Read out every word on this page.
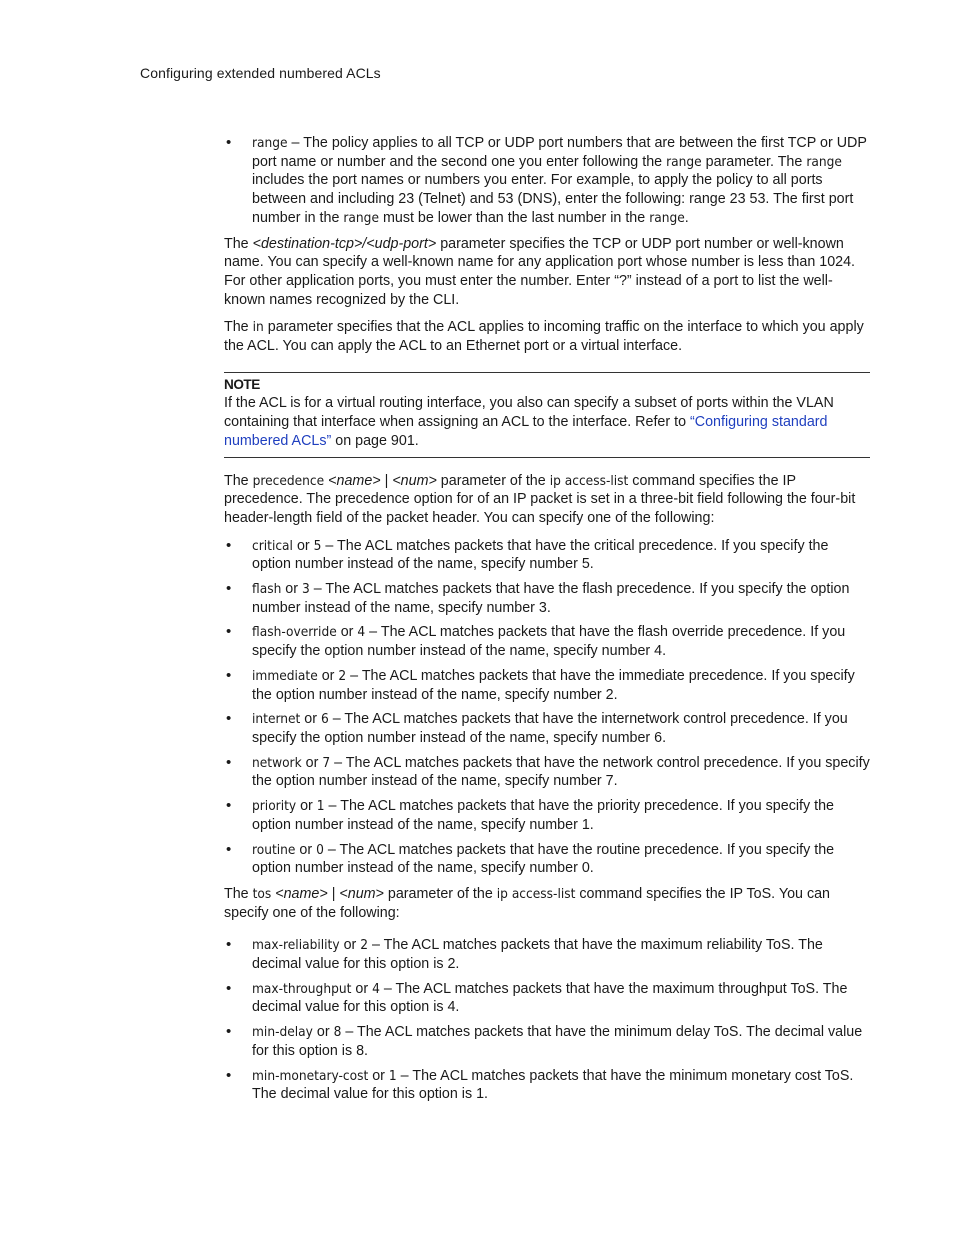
Configuring extended numbered ACLs
• range – The policy applies to all TCP or UDP port numbers that are between the first TCP or UDP port name or number and the second one you enter following the range parameter. The range includes the port names or numbers you enter. For example, to apply the policy to all ports between and including 23 (Telnet) and 53 (DNS), enter the following: range 23 53. The first port number in the range must be lower than the last number in the range.

The <destination-tcp>/<udp-port> parameter specifies the TCP or UDP port number or well-known name. You can specify a well-known name for any application port whose number is less than 1024. For other application ports, you must enter the number. Enter “?” instead of a port to list the well-known names recognized by the CLI.

The in parameter specifies that the ACL applies to incoming traffic on the interface to which you apply the ACL. You can apply the ACL to an Ethernet port or a virtual interface.

NOTE
If the ACL is for a virtual routing interface, you also can specify a subset of ports within the VLAN containing that interface when assigning an ACL to the interface. Refer to “Configuring standard numbered ACLs” on page 901.

The precedence <name> | <num> parameter of the ip access-list command specifies the IP precedence. The precedence option for of an IP packet is set in a three-bit field following the four-bit header-length field of the packet header. You can specify one of the following:

• critical or 5 – The ACL matches packets that have the critical precedence. If you specify the option number instead of the name, specify number 5.
• flash or 3 – The ACL matches packets that have the flash precedence. If you specify the option number instead of the name, specify number 3.
• flash-override or 4 – The ACL matches packets that have the flash override precedence. If you specify the option number instead of the name, specify number 4.
• immediate or 2 – The ACL matches packets that have the immediate precedence. If you specify the option number instead of the name, specify number 2.
• internet or 6 – The ACL matches packets that have the internetwork control precedence. If you specify the option number instead of the name, specify number 6.
• network or 7 – The ACL matches packets that have the network control precedence. If you specify the option number instead of the name, specify number 7.
• priority or 1 – The ACL matches packets that have the priority precedence. If you specify the option number instead of the name, specify number 1.
• routine or 0 – The ACL matches packets that have the routine precedence. If you specify the option number instead of the name, specify number 0.

The tos <name> | <num> parameter of the ip access-list command specifies the IP ToS. You can specify one of the following:

• max-reliability or 2 – The ACL matches packets that have the maximum reliability ToS. The decimal value for this option is 2.
• max-throughput or 4 – The ACL matches packets that have the maximum throughput ToS. The decimal value for this option is 4.
• min-delay or 8 – The ACL matches packets that have the minimum delay ToS. The decimal value for this option is 8.
• min-monetary-cost or 1 – The ACL matches packets that have the minimum monetary cost ToS. The decimal value for this option is 1.
